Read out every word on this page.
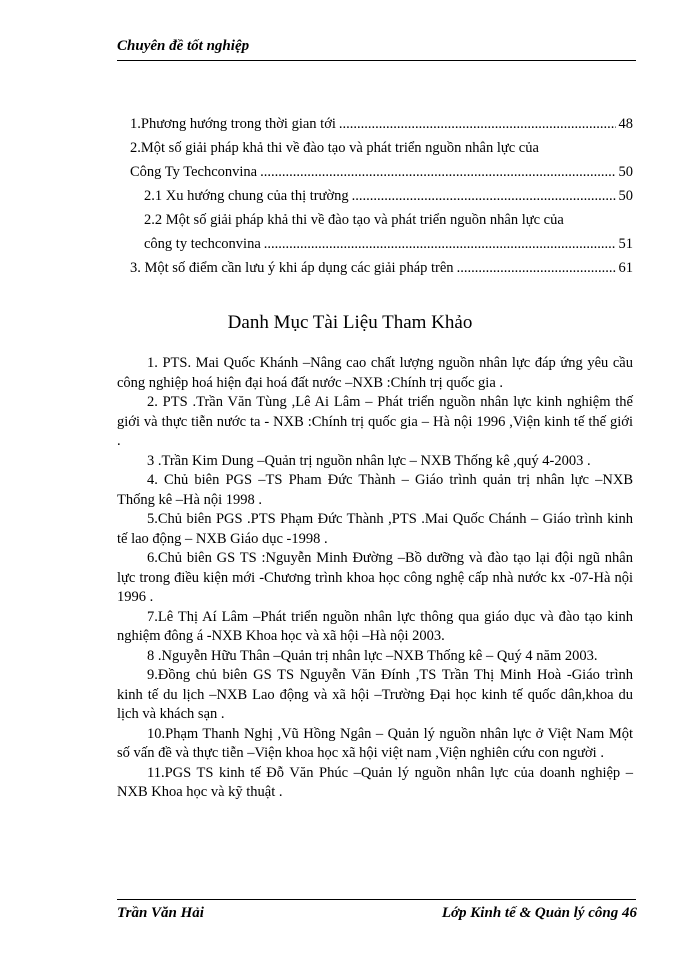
Chuyên đề tốt nghiệp
1.Phương hướng trong thời gian tới .....	48
2.Một số giải pháp khả thi về đào tạo và phát triển nguồn nhân lực của
Công Ty Techconvina .....	50
2.1 Xu hướng chung của thị trường .....	50
2.2 Một số giải pháp khả thi về đào tạo và phát triển nguồn nhân lực của
công ty techconvina .....	51
3. Một số điểm cần lưu ý khi áp dụng các giải pháp trên .....	61
Danh Mục Tài Liệu Tham Khảo

1. PTS. Mai Quốc Khánh –Nâng cao chất lượng nguồn nhân lực đáp ứng yêu cầu công nghiệp hoá hiện đại hoá đất nước –NXB :Chính trị quốc gia .

2. PTS .Trần Văn Tùng ,Lê Ai Lâm – Phát triển nguồn nhân lực kinh nghiệm thế giới và thực tiễn nước ta - NXB :Chính trị quốc gia – Hà nội 1996 ,Viện kinh tế thế giới .

3 .Trần Kim Dung –Quản trị nguồn nhân lực – NXB Thống kê ,quý 4-2003 .

4. Chủ biên PGS –TS Pham Đức Thành – Giáo trình quản trị nhân lực –NXB Thống kê –Hà nội 1998 .

5.Chủ biên PGS .PTS Phạm Đức Thành ,PTS .Mai Quốc Chánh – Giáo trình kinh tế lao động – NXB Giáo dục -1998 .

6.Chủ biên GS TS :Nguyễn Minh Đường –Bồ dưỡng và đào tạo lại đội ngũ nhân lực trong điều kiện mới -Chương trình khoa học công nghệ cấp nhà nước kx -07-Hà nội 1996 .

7.Lê Thị Aí Lâm –Phát triển nguồn nhân lực thông qua giáo dục và đào tạo kinh nghiệm đông á -NXB Khoa học và xã hội –Hà nội 2003.

8 .Nguyễn Hữu Thân –Quản trị nhân lực –NXB Thống kê – Quý 4 năm 2003.

9.Đồng chủ biên GS TS Nguyễn Văn Đính ,TS Trần Thị Minh Hoà -Giáo trình kinh tế du lịch –NXB Lao động và xã hội –Trường Đại học kinh tế quốc dân,khoa du lịch và khách sạn .

10.Phạm Thanh Nghị ,Vũ Hồng Ngân – Quản lý nguồn nhân lực ở Việt Nam Một số vấn đề và thực tiễn –Viện khoa học xã hội việt nam ,Viện nghiên cứu con người .

11.PGS TS kinh tế Đỗ Văn Phúc –Quản lý nguồn nhân lực của doanh nghiệp –NXB Khoa học và kỹ thuật .

Trần Văn Hải	Lớp Kinh tế & Quản lý công 46
